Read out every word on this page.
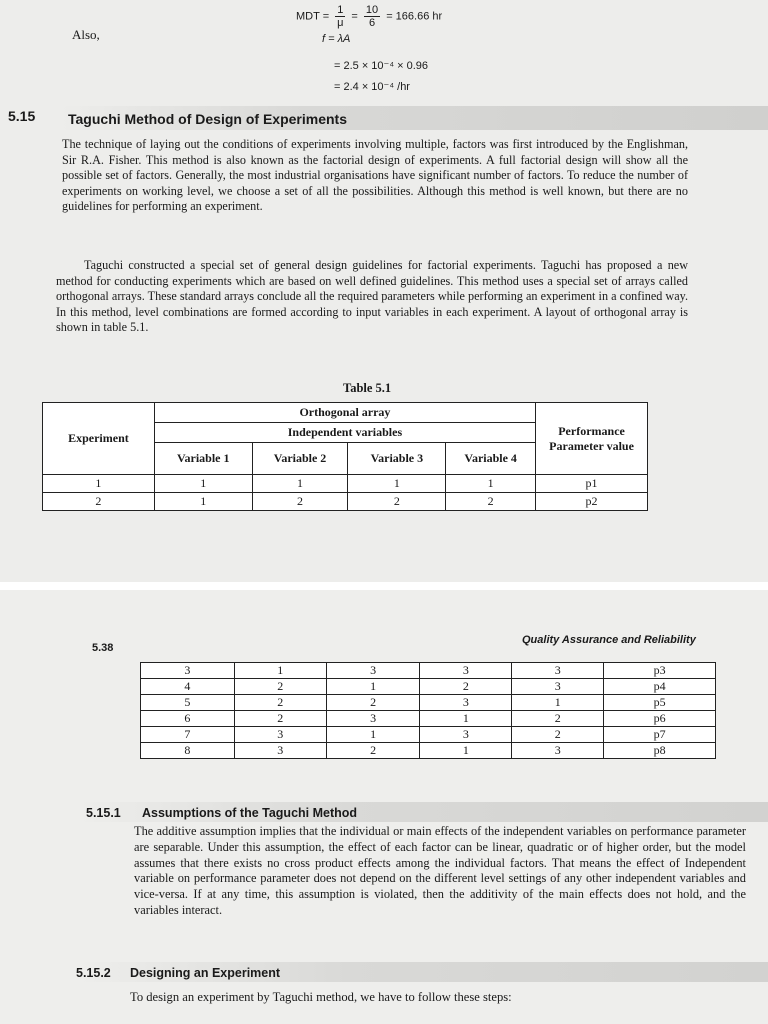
MDT = $\frac{1}{\mu} = \frac{10}{6} = 166.66$ hr
Also,	f = λA
= 2.5 × 10⁻⁴ × 0.96
= 2.4 × 10⁻⁴ /hr
5.15 Taguchi Method of Design of Experiments
The technique of laying out the conditions of experiments involving multiple, factors was first introduced by the Englishman, Sir R.A. Fisher. This method is also known as the factorial design of experiments. A full factorial design will show all the possible set of factors. Generally, the most industrial organisations have significant number of factors. To reduce the number of experiments on working level, we choose a set of all the possibilities. Although this method is well known, but there are no guidelines for performing an experiment.
Taguchi constructed a special set of general design guidelines for factorial experiments. Taguchi has proposed a new method for conducting experiments which are based on well defined guidelines. This method uses a special set of arrays called orthogonal arrays. These standard arrays conclude all the required parameters while performing an experiment in a confined way. In this method, level combinations are formed according to input variables in each experiment. A layout of orthogonal array is shown in table 5.1.
Table 5.1
Experiment	Orthogonal array				Performance Parameter value
	Independent variables				
	Variable 1	Variable 2	Variable 3	Variable 4	
1	1	1	1	1	p1
2	1	2	2	2	p2
5.38
Quality Assurance and Reliability
3	1	3	3	3	p3
4	2	1	2	3	p4
5	2	2	3	1	p5
6	2	3	1	2	p6
7	3	1	3	2	p7
8	3	2	1	3	p8
5.15.1 Assumptions of the Taguchi Method
The additive assumption implies that the individual or main effects of the independent variables on performance parameter are separable. Under this assumption, the effect of each factor can be linear, quadratic or of higher order, but the model assumes that there exists no cross product effects among the individual factors. That means the effect of Independent variable on performance parameter does not depend on the different level settings of any other independent variables and vice-versa. If at any time, this assumption is violated, then the additivity of the main effects does not hold, and the variables interact.
5.15.2 Designing an Experiment
To design an experiment by Taguchi method, we have to follow these steps:
